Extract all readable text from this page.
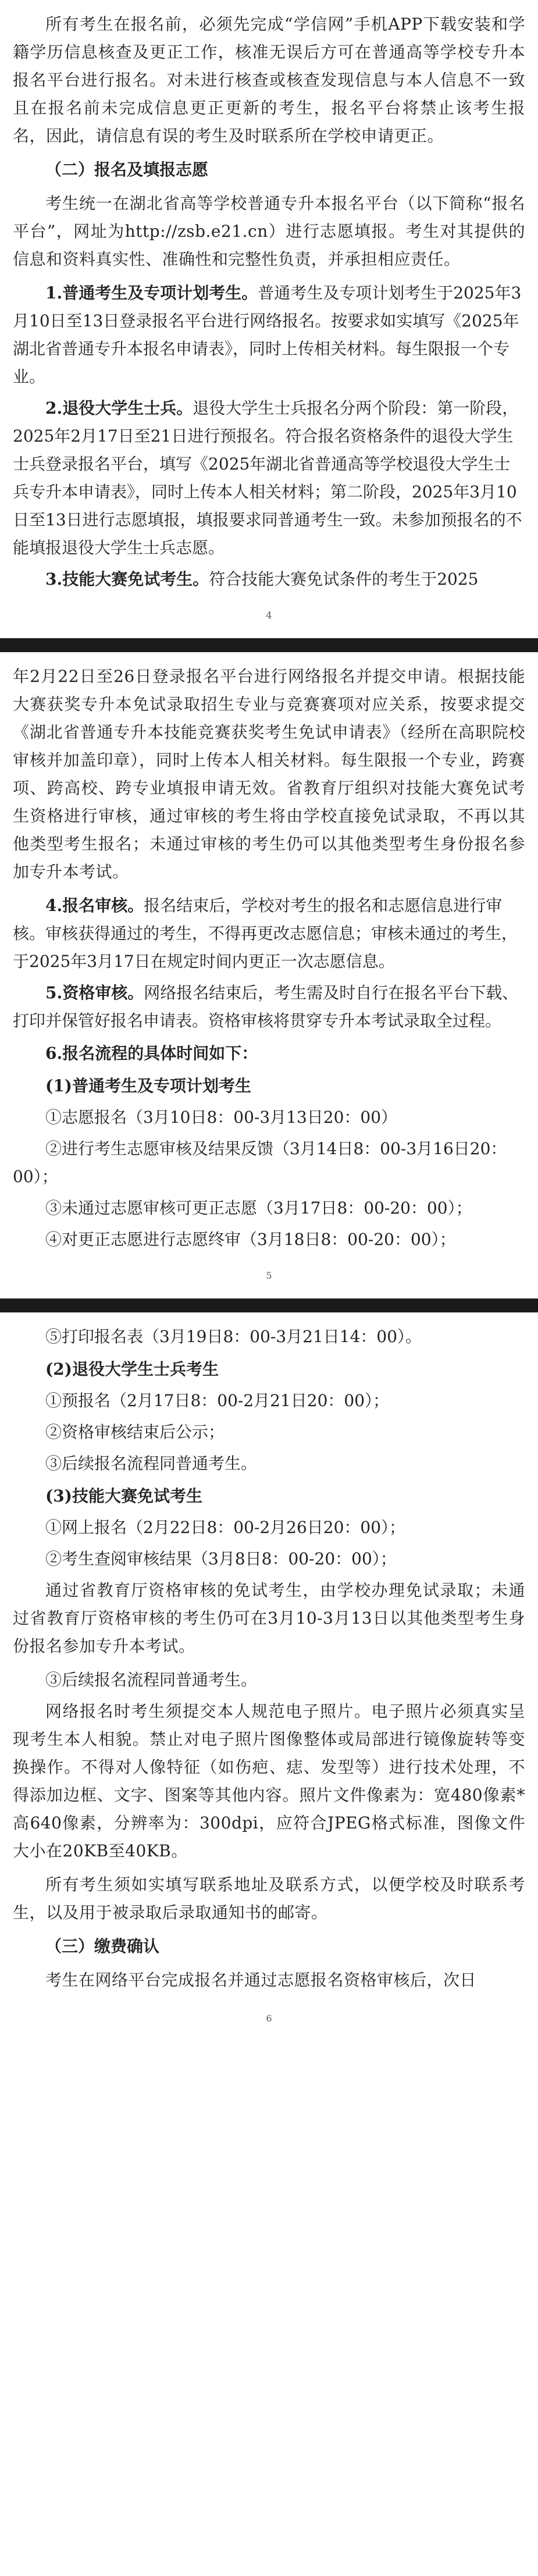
所有考生在报名前，必须先完成“学信网”手机APP下载安装和学籍学历信息核查及更正工作，核准无误后方可在普通高等学校专升本报名平台进行报名。对未进行核查或核查发现信息与本人信息不一致且在报名前未完成信息更正更新的考生，报名平台将禁止该考生报名，因此，请信息有误的考生及时联系所在学校申请更正。

（二）报名及填报志愿

考生统一在湖北省高等学校普通专升本报名平台（以下简称“报名平台”，网址为http://zsb.e21.cn）进行志愿填报。考生对其提供的信息和资料真实性、准确性和完整性负责，并承担相应责任。

1.普通考生及专项计划考生。普通考生及专项计划考生于2025年3月10日至13日登录报名平台进行网络报名。按要求如实填写《2025年湖北省普通专升本报名申请表》，同时上传相关材料。每生限报一个专业。

2.退役大学生士兵。退役大学生士兵报名分两个阶段：第一阶段，2025年2月17日至21日进行预报名。符合报名资格条件的退役大学生士兵登录报名平台，填写《2025年湖北省普通高等学校退役大学生士兵专升本申请表》，同时上传本人相关材料；第二阶段，2025年3月10日至13日进行志愿填报，填报要求同普通考生一致。未参加预报名的不能填报退役大学生士兵志愿。

3.技能大赛免试考生。符合技能大赛免试条件的考生于2025

4

年2月22日至26日登录报名平台进行网络报名并提交申请。根据技能大赛获奖专升本免试录取招生专业与竞赛赛项对应关系，按要求提交《湖北省普通专升本技能竞赛获奖考生免试申请表》（经所在高职院校审核并加盖印章），同时上传本人相关材料。每生限报一个专业，跨赛项、跨高校、跨专业填报申请无效。省教育厅组织对技能大赛免试考生资格进行审核，通过审核的考生将由学校直接免试录取，不再以其他类型考生报名；未通过审核的考生仍可以其他类型考生身份报名参加专升本考试。

4.报名审核。报名结束后，学校对考生的报名和志愿信息进行审核。审核获得通过的考生，不得再更改志愿信息；审核未通过的考生，于2025年3月17日在规定时间内更正一次志愿信息。

5.资格审核。网络报名结束后，考生需及时自行在报名平台下载、打印并保管好报名申请表。资格审核将贯穿专升本考试录取全过程。

6.报名流程的具体时间如下：

(1)普通考生及专项计划考生

①志愿报名（3月10日8：00-3月13日20：00）

②进行考生志愿审核及结果反馈（3月14日8：00-3月16日20：00）；

③未通过志愿审核可更正志愿（3月17日8：00-20：00）；

④对更正志愿进行志愿终审（3月18日8：00-20：00）；

5

⑤打印报名表（3月19日8：00-3月21日14：00）。

(2)退役大学生士兵考生

①预报名（2月17日8：00-2月21日20：00）；

②资格审核结束后公示；

③后续报名流程同普通考生。

(3)技能大赛免试考生

①网上报名（2月22日8：00-2月26日20：00）；

②考生查阅审核结果（3月8日8：00-20：00）；

通过省教育厅资格审核的免试考生，由学校办理免试录取；未通过省教育厅资格审核的考生仍可在3月10-3月13日以其他类型考生身份报名参加专升本考试。

③后续报名流程同普通考生。

网络报名时考生须提交本人规范电子照片。电子照片必须真实呈现考生本人相貌。禁止对电子照片图像整体或局部进行镜像旋转等变换操作。不得对人像特征（如伤疤、痣、发型等）进行技术处理，不得添加边框、文字、图案等其他内容。照片文件像素为：宽480像素*高640像素，分辨率为：300dpi，应符合JPEG格式标准，图像文件大小在20KB至40KB。

所有考生须如实填写联系地址及联系方式，以便学校及时联系考生，以及用于被录取后录取通知书的邮寄。

（三）缴费确认

考生在网络平台完成报名并通过志愿报名资格审核后，次日

6
